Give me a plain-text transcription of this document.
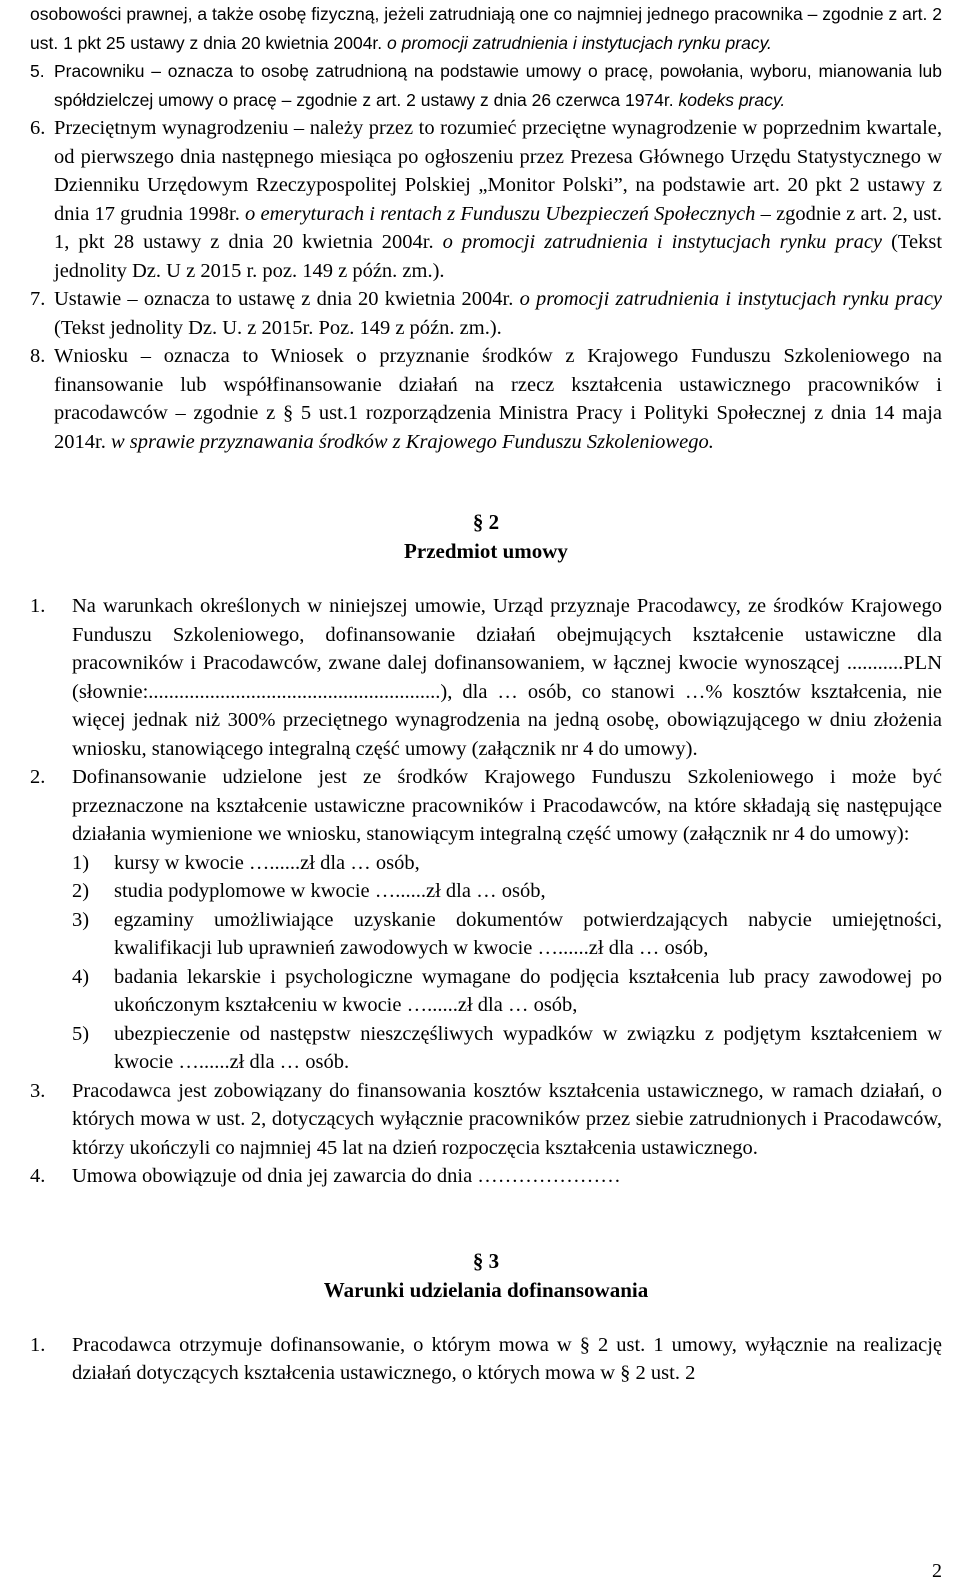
osobowości prawnej, a także osobę fizyczną, jeżeli zatrudniają one co najmniej jednego pracownika – zgodnie z art. 2 ust. 1 pkt 25 ustawy z dnia 20 kwietnia 2004r. o promocji zatrudnienia i instytucjach rynku pracy.
5. Pracowniku – oznacza to osobę zatrudnioną na podstawie umowy o pracę, powołania, wyboru, mianowania lub spółdzielczej umowy o pracę – zgodnie z art. 2 ustawy z dnia 26 czerwca 1974r. kodeks pracy.
6. Przeciętnym wynagrodzeniu – należy przez to rozumieć przeciętne wynagrodzenie w poprzednim kwartale, od pierwszego dnia następnego miesiąca po ogłoszeniu przez Prezesa Głównego Urzędu Statystycznego w Dzienniku Urzędowym Rzeczypospolitej Polskiej „Monitor Polski”, na podstawie art. 20 pkt 2 ustawy z dnia 17 grudnia 1998r. o emeryturach i rentach z Funduszu Ubezpieczeń Społecznych – zgodnie z art. 2, ust. 1, pkt 28 ustawy z dnia 20 kwietnia 2004r. o promocji zatrudnienia i instytucjach rynku pracy (Tekst jednolity Dz. U z 2015 r. poz. 149 z późn. zm.).
7. Ustawie – oznacza to ustawę z dnia 20 kwietnia 2004r. o promocji zatrudnienia i instytucjach rynku pracy (Tekst jednolity Dz. U. z 2015r. Poz. 149 z późn. zm.).
8. Wniosku – oznacza to Wniosek o przyznanie środków z Krajowego Funduszu Szkoleniowego na finansowanie lub współfinansowanie działań na rzecz kształcenia ustawicznego pracowników i pracodawców – zgodnie z § 5 ust.1 rozporządzenia Ministra Pracy i Polityki Społecznej z dnia 14 maja 2014r. w sprawie przyznawania środków z Krajowego Funduszu Szkoleniowego.
§ 2
Przedmiot umowy
1.	Na warunkach określonych w niniejszej umowie, Urząd przyznaje Pracodawcy, ze środków Krajowego Funduszu Szkoleniowego, dofinansowanie działań obejmujących kształcenie ustawiczne dla pracowników i Pracodawców, zwane dalej dofinansowaniem, w łącznej kwocie wynoszącej ...........PLN (słownie:.........................................................), dla … osób, co stanowi …% kosztów kształcenia, nie więcej jednak niż 300% przeciętnego wynagrodzenia na jedną osobę, obowiązującego w dniu złożenia wniosku, stanowiącego integralną część umowy (załącznik nr 4 do umowy).
2.	Dofinansowanie udzielone jest ze środków Krajowego Funduszu Szkoleniowego i może być przeznaczone na kształcenie ustawiczne pracowników i Pracodawców, na które składają się następujące działania wymienione we wniosku, stanowiącym integralną część umowy (załącznik nr 4 do umowy):
1)	kursy w kwocie …......zł dla … osób,
2)	studia podyplomowe w kwocie …......zł dla … osób,
3)	egzaminy umożliwiające uzyskanie dokumentów potwierdzających nabycie umiejętności, kwalifikacji lub uprawnień zawodowych w kwocie …......zł dla … osób,
4)	badania lekarskie i psychologiczne wymagane do podjęcia kształcenia lub pracy zawodowej po ukończonym kształceniu w kwocie …......zł dla … osób,
5)	ubezpieczenie od następstw nieszczęśliwych wypadków w związku z podjętym kształceniem w kwocie …......zł dla … osób.
3.	Pracodawca jest zobowiązany do finansowania kosztów kształcenia ustawicznego, w ramach działań, o których mowa w ust. 2, dotyczących wyłącznie pracowników przez siebie zatrudnionych i Pracodawców, którzy ukończyli co najmniej 45 lat na dzień rozpoczęcia kształcenia ustawicznego.
4.	Umowa obowiązuje od dnia jej zawarcia do dnia …………………
§ 3
Warunki udzielania dofinansowania
1.	Pracodawca otrzymuje dofinansowanie, o którym mowa w § 2 ust. 1 umowy, wyłącznie na realizację działań dotyczących kształcenia ustawicznego, o których mowa w § 2 ust. 2
2
